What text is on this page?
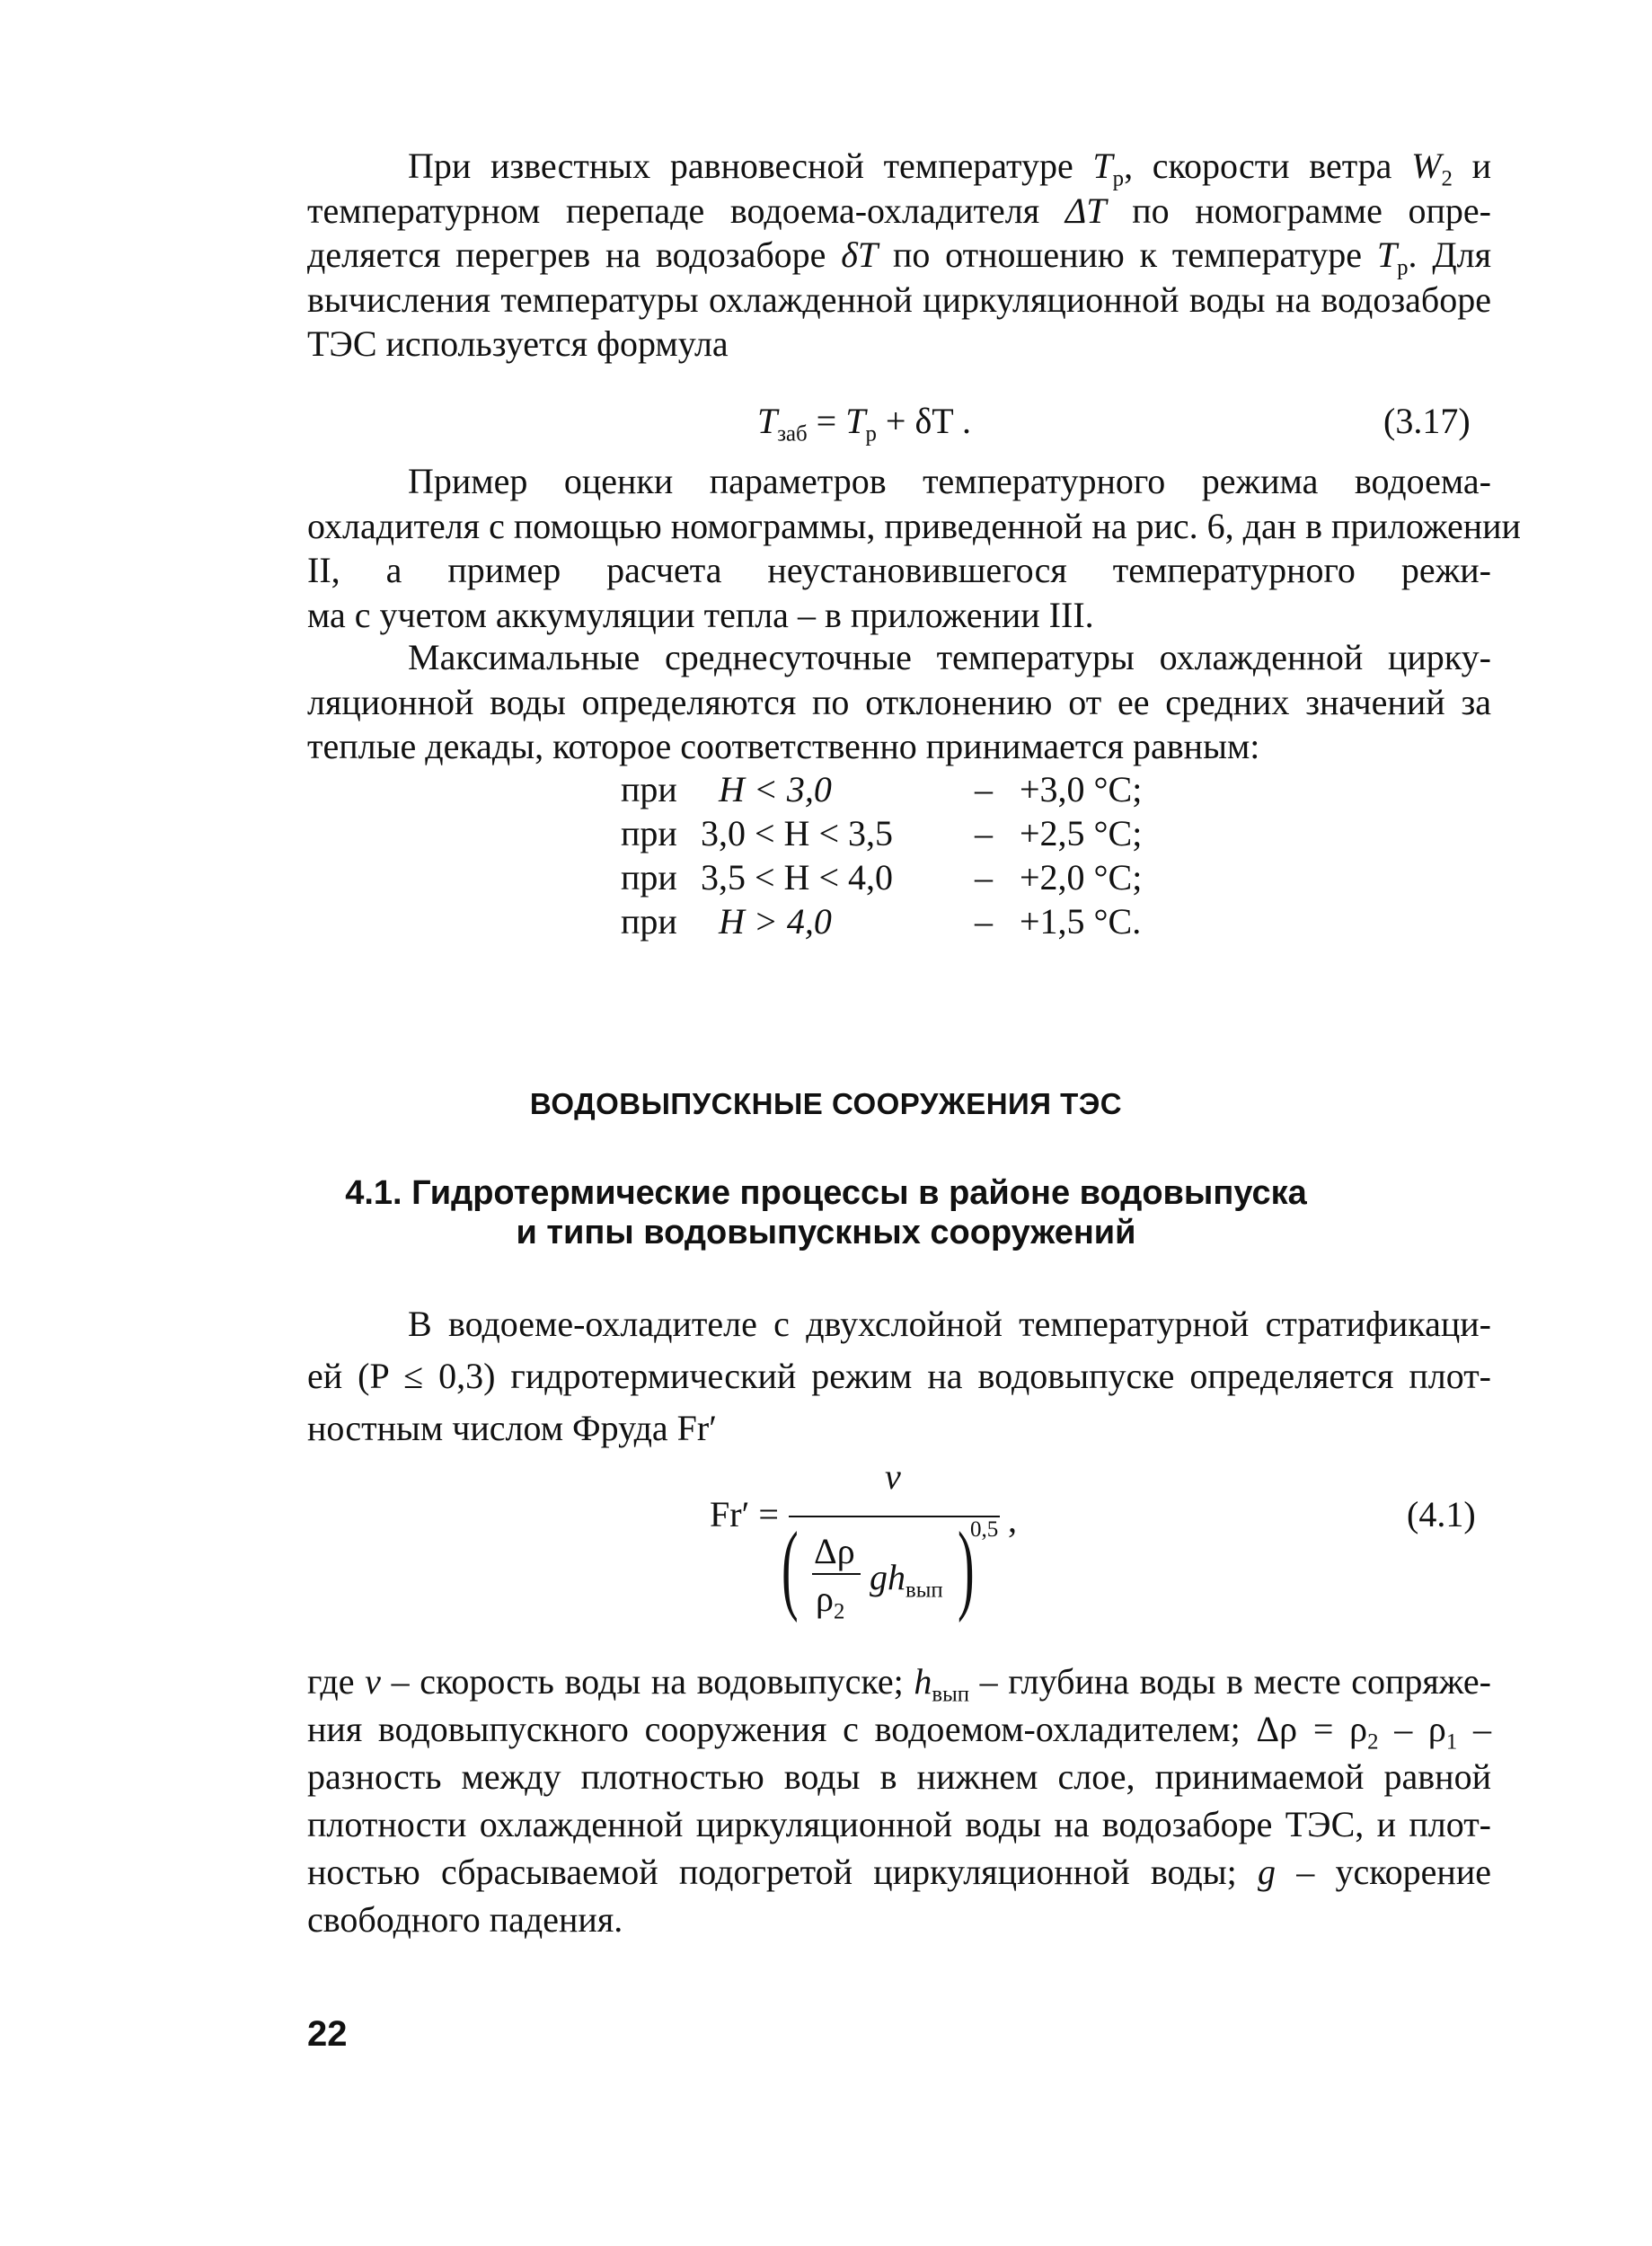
При известных равновесной температуре $T_р$, скорости ветра $W_2$ и
температурном перепаде водоема-охладителя ΔT по номограмме опре-
деляется перегрев на водозаборе δT по отношению к температуре $T_р$. Для
вычисления температуры охлажденной циркуляционной воды на водозаборе
ТЭС используется формула
$T_{заб} = T_р + \delta T$ .	(3.17)
Пример оценки параметров температурного режима водоема-
охладителя с помощью номограммы, приведенной на рис. 6, дан в приложении
II, а пример расчета неустановившегося температурного режи-
ма с учетом аккумуляции тепла – в приложении III.
Максимальные среднесуточные температуры охлажденной цирку-
ляционной воды определяются по отклонению от ее средних значений за
теплые декады, которое соответственно принимается равным:
при H < 3,0	– +3,0 °С;
при 3,0 < H < 3,5 – +2,5 °С;
при 3,5 < H < 4,0 – +2,0 °С;
при H > 4,0	– +1,5 °С.
ВОДОВЫПУСКНЫЕ СООРУЖЕНИЯ ТЭС
4.1. Гидротермические процессы в районе водовыпуска
и типы водовыпускных сооружений
В водоеме-охладителе с двухслойной температурной стратификаци-
ей (P ≤ 0,3) гидротермический режим на водовыпуске определяется плот-
ностным числом Фруда Fr′
Fr′ =
v
( Δρ
$\rho_2$
$gh_{вып}$ )
0,5 ,	(4.1)
где v – скорость воды на водовыпуске; $h_{вып}$ – глубина воды в месте сопряже-
ния водовыпускного сооружения с водоемом-охладителем; $\Delta\rho = \rho_2 - \rho_1$ –
разность между плотностью воды в нижнем слое, принимаемой равной
плотности охлажденной циркуляционной воды на водозаборе ТЭС, и плот-
ностью сбрасываемой подогретой циркуляционной воды; g – ускорение
свободного падения.
22
